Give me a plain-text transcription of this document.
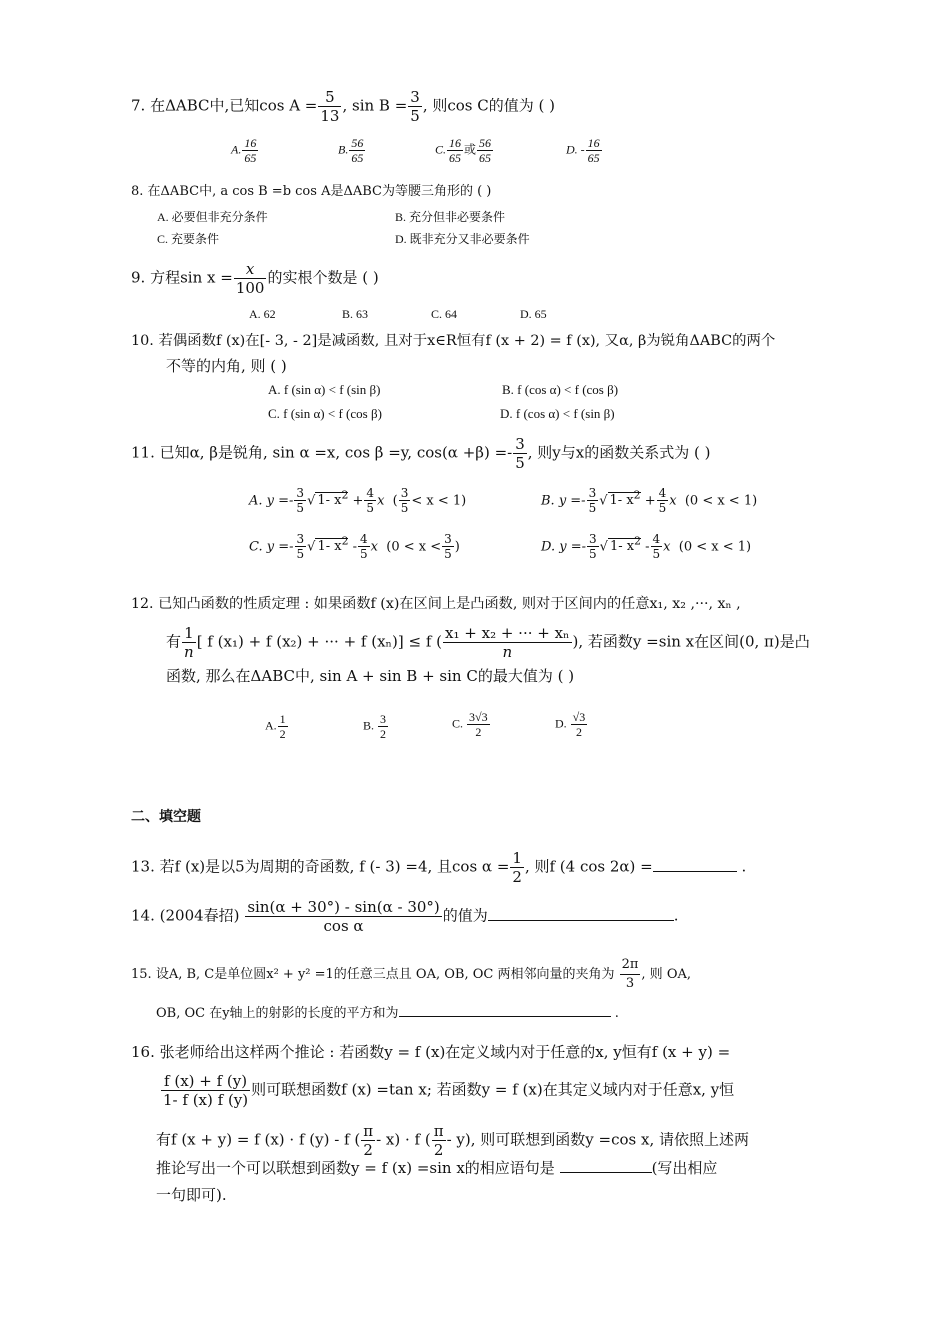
7. 在ΔABC中,已知$\cos A = \frac{5}{13}$ , $\sin B = \frac{3}{5}$ , 则cos C的值为 ( )
A. $\frac{16}{65}$	B. $\frac{56}{65}$	C. $\frac{16}{65}$ 或 $\frac{56}{65}$	D. - $\frac{16}{65}$
8. 在ΔABC中, a cos B =b cos A是ΔABC为等腰三角形的 ( )
A. 必要但非充分条件	B. 充分但非必要条件
C. 充要条件	D. 既非充分又非必要条件
9. 方程$\sin x = \frac{x}{100}$ 的实根个数是 ( )
A. 62	B. 63	C. 64	D. 65
10. 若偶函数f (x)在[- 3, - 2]是减函数, 且对于x∈R恒有f (x + 2) = f (x), 又α, β为锐角ΔABC的两个
不等的内角, 则 ( )
A. f (sin α) < f (sin β)	B. f (cos α) < f (cos β)
C. f (sin α) < f (cos β)	D. f (cos α) < f (sin β)
11. 已知α, β是锐角, sin α =x, cos β =y, $\cos(\alpha +\beta) =- \frac{3}{5}$ , 则y与x的函数关系式为 ( )
A. $y =- \frac{3}{5}$ √ 1- $x^2 + \frac{4}{5}$ x ( $\frac{3}{5} < x < 1$)	B. $y =- \frac{3}{5}$ √ 1- $x^2 + \frac{4}{5}$ x (0 < x < 1)
C. $y =- \frac{3}{5}$ √ 1- $x^2 - \frac{4}{5}$ x ($0 < x < \frac{3}{5}$ )	D. $y =- \frac{3}{5}$ √ 1- $x^2 - \frac{4}{5}$ x (0 < x < 1)
12. 已知凸函数的性质定理 : 如果函数f (x)在区间上是凸函数, 则对于区间内的任意x₁, x₂ ,···, xₙ ,
有 $\frac{1}{n}$ [ f (x₁) + f (x₂) + ··· + f (xₙ)] ≤ f ( $\frac{\text{x₁ + x₂ + ··· + xₙ}}{n}$ ), 若函数y =sin x在区间(0, π)是凸
函数, 那么在ΔABC中, sin A + sin B + sin C的最大值为 ( )
A. $\frac{1}{2}$	B. $\frac{3}{2}$	C. $\frac{3√3}{2}$	D. $\frac{√3}{2}$
二、填空题
13. 若f (x)是以5为周期的奇函数, f (- 3) =4, 且$\cos \alpha = \frac{1}{2}$ , 则f (4 cos 2α) =	.
14. (2004春招) $\frac{\sin(\alpha + 30^\circ) - \sin(\alpha - 30^\circ)}{\text{cos α}}$ 的值为	.
15. 设A, B, C是单位圆x² + y² =1的任意三点且 OA, OB, OC 两相邻向量的夹角为 $\frac{2\pi}{3}$ , 则 OA,
OB, OC 在y轴上的射影的长度的平方和为	.
16. 张老师给出这样两个推论 : 若函数y = f (x)在定义域内对于任意的x, y恒有f (x + y) =
$\frac{f (x) + f (y)}{1- f (x) f (y)}$ 则可联想函数f (x) =tan x; 若函数y = f (x)在其定义域内对于任意x, y恒
有f (x + y) = f (x) · f (y) - f ( $\frac{\pi}{2} - x) \cdot f$ ( $\frac{\pi}{2} - y$), 则可联想到函数y =cos x, 请依照上述两
推论写出一个可以联想到函数y = f (x) =sin x的相应语句是	(写出相应
一句即可).
